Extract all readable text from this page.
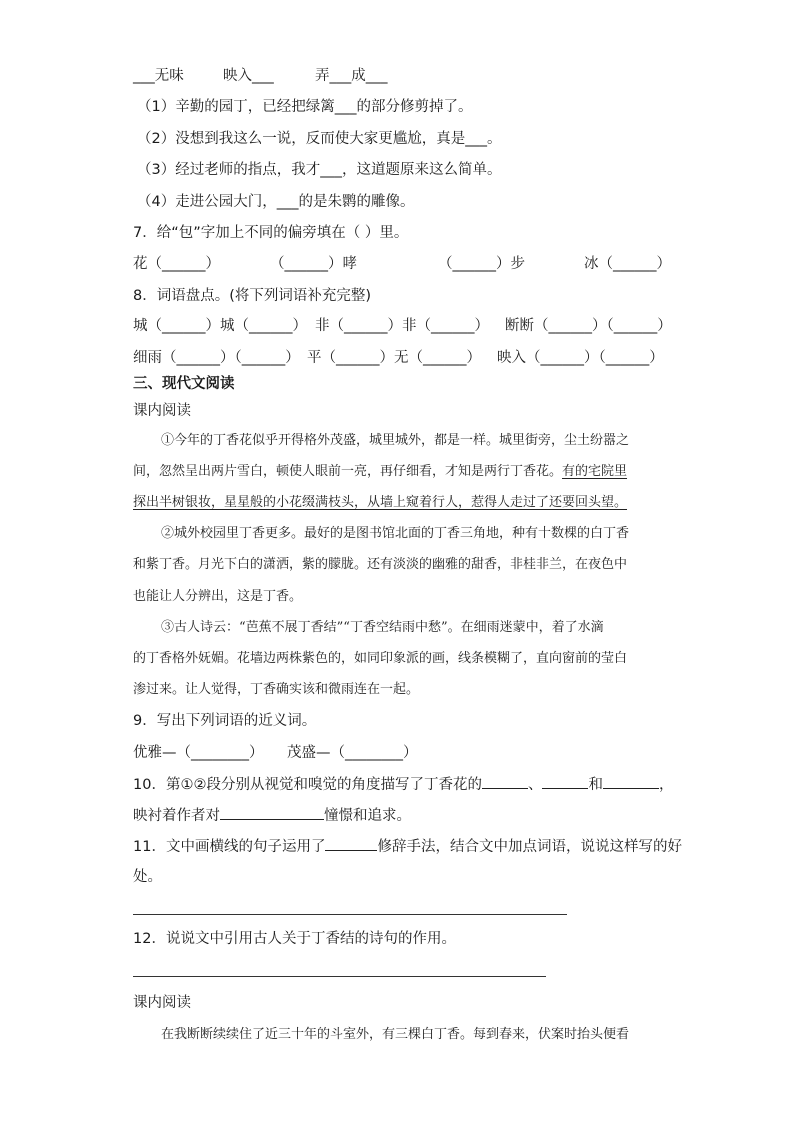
___无味	映入___	弄___成___
（1）辛勤的园丁，已经把绿篱___的部分修剪掉了。
（2）没想到我这么一说，反而使大家更尴尬，真是___。
（3）经过老师的指点，我才___，这道题原来这么简单。
（4）走进公园大门，___的是朱鹮的雕像。
7．给“包”字加上不同的偏旁填在（ ）里。
花（______）	（______）哮	（______）步	冰（______）
8．词语盘点。(将下列词语补充完整)
城（______）城（______） 非（______）非（______） 断断（______）（______）
细雨（______）（______） 平（______）无（______） 映入（______）（______）
三、现代文阅读
课内阅读
①今年的丁香花似乎开得格外茂盛，城里城外，都是一样。城里街旁，尘土纷嚣之
间，忽然呈出两片雪白，顿使人眼前一亮，再仔细看，才知是两行丁香花。有的宅院里
探出半树银妆，星星般的小花缀满枝头，从墙上窥着行人，惹得人走过了还要回头望。
②城外校园里丁香更多。最好的是图书馆北面的丁香三角地，种有十数棵的白丁香
和紫丁香。月光下白的潇洒，紫的朦胧。还有淡淡的幽雅的甜香，非桂非兰，在夜色中
也能让人分辨出，这是丁香。
③古人诗云：“芭蕉不展丁香结”“丁香空结雨中愁”。在细雨迷蒙中，着了水滴
的丁香格外妩媚。花墙边两株紫色的，如同印象派的画，线条模糊了，直向窗前的莹白
渗过来。让人觉得，丁香确实该和微雨连在一起。
9．写出下列词语的近义词。
优雅—（________） 茂盛—（________）
10．第①②段分别从视觉和嗅觉的角度描写了丁香花的	、	和	，
映衬着作者对	憧憬和追求。
11．文中画横线的句子运用了	修辞手法，结合文中加点词语，说说这样写的好
处。
12．说说文中引用古人关于丁香结的诗句的作用。
课内阅读
在我断断续续住了近三十年的斗室外，有三棵白丁香。每到春来，伏案时抬头便看
